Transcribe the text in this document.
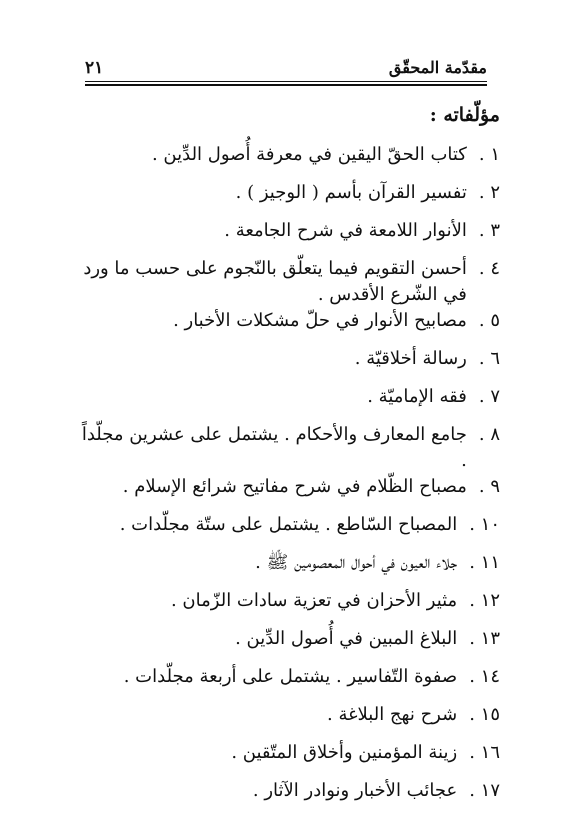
مقدّمة المحقّق
٢١
مؤلّفاته :
١ .
كتاب الحقّ اليقين في معرفة أُصول الدِّين .
٢ .
تفسير القرآن بأسم ( الوجيز ) .
٣ .
الأنوار اللامعة في شرح الجامعة .
٤ .
أحسن التقويم فيما يتعلّق بالنّجوم على حسب ما ورد في الشّرع الأقدس .
٥ .
مصابيح الأنوار في حلّ مشكلات الأخبار .
٦ .
رسالة أخلاقيّة .
٧ .
فقه الإماميّة .
٨ .
جامع المعارف والأحكام . يشتمل على عشرين مجلّداً .
٩ .
مصباح الظّلام في شرح مفاتيح شرائع الإسلام .
١٠ .
المصباح السّاطع . يشتمل على ستّة مجلّدات .
١١ .
جلاء العيون في أحوال المعصومين ﷺ .
١٢ .
مثير الأحزان في تعزية سادات الزّمان .
١٣ .
البلاغ المبين في أُصول الدِّين .
١٤ .
صفوة التّفاسير . يشتمل على أربعة مجلّدات .
١٥ .
شرح نهج البلاغة .
١٦ .
زينة المؤمنين وأخلاق المتّقين .
١٧ .
عجائب الأخبار ونوادر الآثار .
